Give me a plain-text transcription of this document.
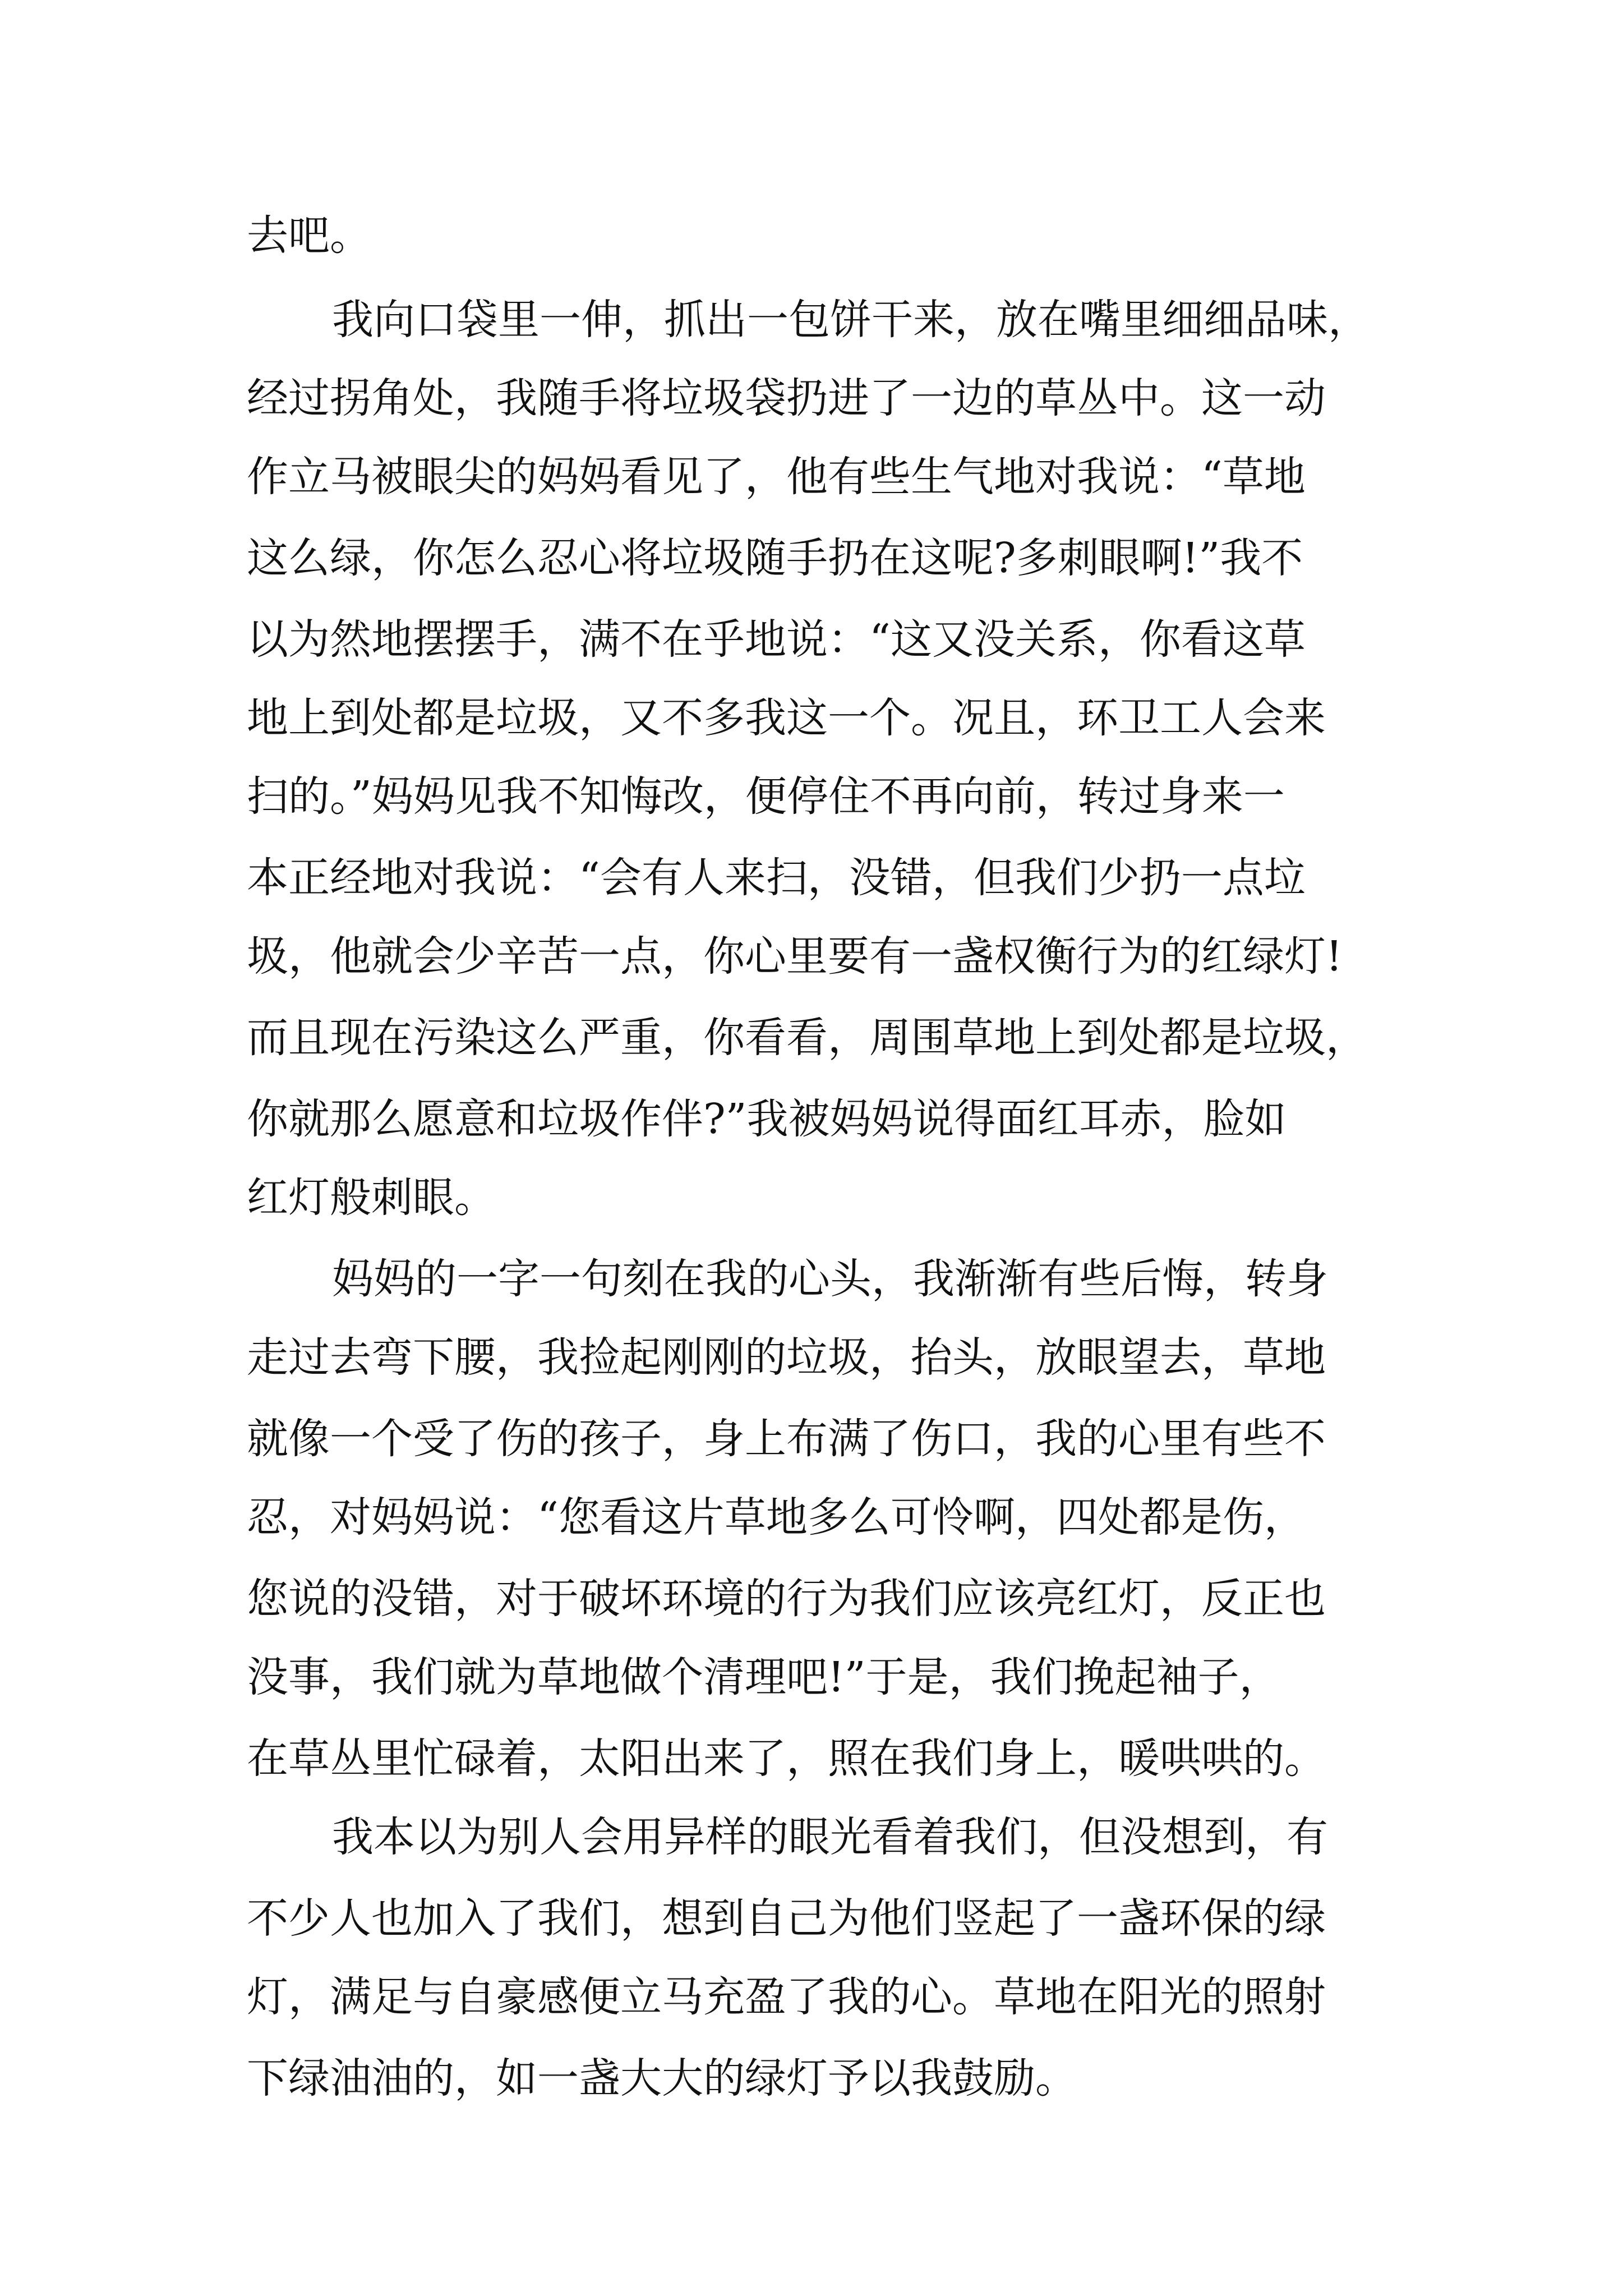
去吧。
我向口袋里一伸，抓出一包饼干来，放在嘴里细细品味，
经过拐角处，我随手将垃圾袋扔进了一边的草丛中。这一动
作立马被眼尖的妈妈看见了，他有些生气地对我说：“草地
这么绿，你怎么忍心将垃圾随手扔在这呢?多刺眼啊!”我不
以为然地摆摆手，满不在乎地说：“这又没关系，你看这草
地上到处都是垃圾，又不多我这一个。况且，环卫工人会来
扫的。”妈妈见我不知悔改，便停住不再向前，转过身来一
本正经地对我说：“会有人来扫，没错，但我们少扔一点垃
圾，他就会少辛苦一点，你心里要有一盏权衡行为的红绿灯!
而且现在污染这么严重，你看看，周围草地上到处都是垃圾，
你就那么愿意和垃圾作伴?”我被妈妈说得面红耳赤，脸如
红灯般刺眼。
妈妈的一字一句刻在我的心头，我渐渐有些后悔，转身
走过去弯下腰，我捡起刚刚的垃圾，抬头，放眼望去，草地
就像一个受了伤的孩子，身上布满了伤口，我的心里有些不
忍，对妈妈说：“您看这片草地多么可怜啊，四处都是伤，
您说的没错，对于破坏环境的行为我们应该亮红灯，反正也
没事，我们就为草地做个清理吧!”于是，我们挽起袖子，
在草丛里忙碌着，太阳出来了，照在我们身上，暖哄哄的。
我本以为别人会用异样的眼光看着我们，但没想到，有
不少人也加入了我们，想到自己为他们竖起了一盏环保的绿
灯，满足与自豪感便立马充盈了我的心。草地在阳光的照射
下绿油油的，如一盏大大的绿灯予以我鼓励。
